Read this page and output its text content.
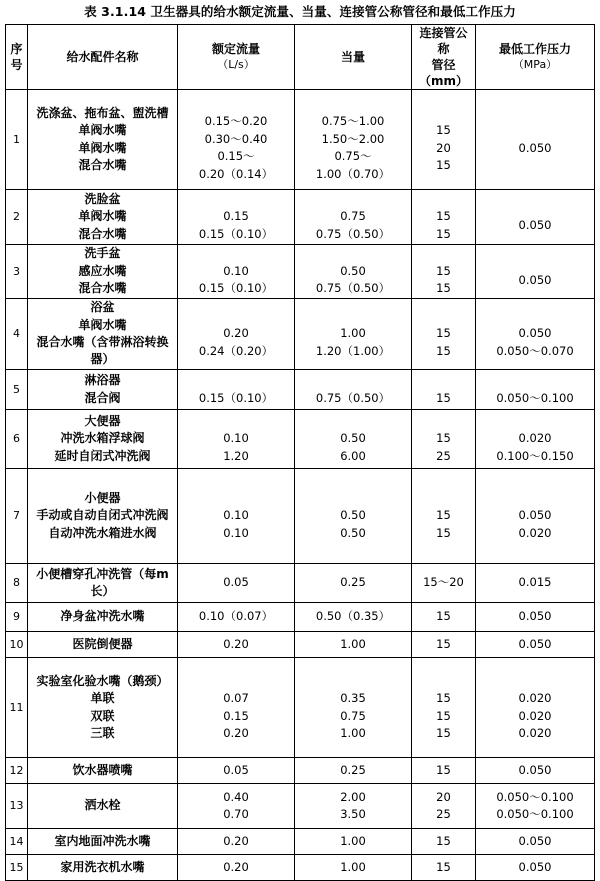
表 3.1.14 卫生器具的给水额定流量、当量、连接管公称管径和最低工作压力
序
号	给水配件名称	额定流量
（L/s）	当量	连接管公
称
管径（mm）	最低工作压力
（MPa）

1	洗涤盆、拖布盆、盥洗槽
单阀水嘴
单阀水嘴
混合水嘴	0.15～0.20
0.30～0.40
0.15～
0.20（0.14）	0.75～1.00
1.50～2.00
0.75～
1.00（0.70）	15
20
15	0.050

2	洗脸盆
单阀水嘴
混合水嘴	0.15
0.15（0.10）	0.75
0.75（0.50）	15
15	0.050

3	洗手盆
感应水嘴
混合水嘴	0.10
0.15（0.10）	0.50
0.75（0.50）	15
15	0.050

4	浴盆
单阀水嘴
混合水嘴（含带淋浴转换器）	0.20
0.24（0.20）	1.00
1.20（1.00）	15
15	0.050
0.050～0.070

5	淋浴器
混合阀	0.15（0.10）	0.75（0.50）	15	0.050～0.100

6	大便器
冲洗水箱浮球阀
延时自闭式冲洗阀	0.10
1.20	0.50
6.00	15
25	0.020
0.100～0.150

7	小便器
手动或自动自闭式冲洗阀
自动冲洗水箱进水阀	0.10
0.10	0.50
0.50	15
15	0.050
0.020

8	小便槽穿孔冲洗管（每m长）	0.05	0.25	15～20	0.015

9	净身盆冲洗水嘴	0.10（0.07）	0.50（0.35）	15	0.050

10	医院倒便器	0.20	1.00	15	0.050

11	实验室化验水嘴（鹅颈）
单联
双联
三联	0.07
0.15
0.20	0.35
0.75
1.00	15
15
15	0.020
0.020
0.020

12	饮水器喷嘴	0.05	0.25	15	0.050

13	洒水栓	0.40
0.70	2.00
3.50	20
25	0.050～0.100
0.050～0.100

14	室内地面冲洗水嘴	0.20	1.00	15	0.050

15	家用洗衣机水嘴	0.20	1.00	15	0.050
